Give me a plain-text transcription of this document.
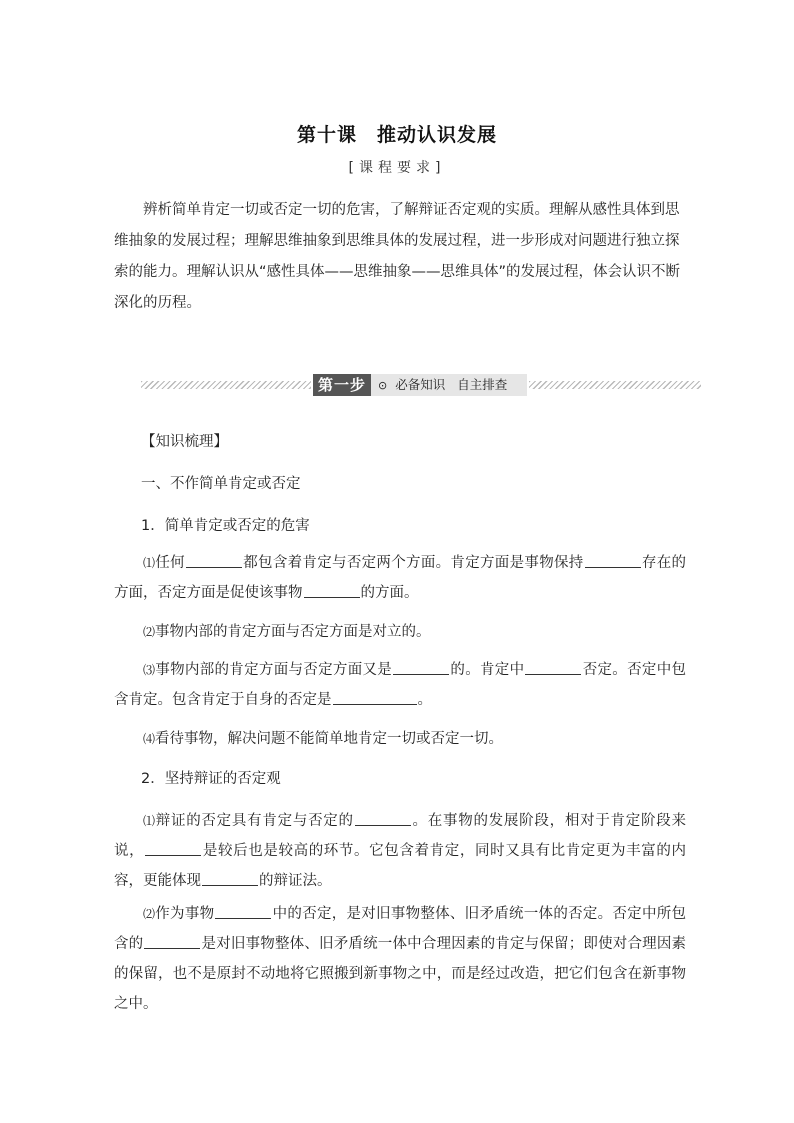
第十课 推动认识发展
[课程要求]
辨析简单肯定一切或否定一切的危害，了解辩证否定观的实质。理解从感性具体到思维抽象的发展过程；理解思维抽象到思维具体的发展过程，进一步形成对问题进行独立探索的能力。理解认识从“感性具体——思维抽象——思维具体”的发展过程，体会认识不断深化的历程。
第一步	⊙ 必备知识 自主排查
【知识梳理】
一、不作简单肯定或否定
1．简单肯定或否定的危害
⑴任何	都包含着肯定与否定两个方面。肯定方面是事物保持	存在的方面，否定方面是促使该事物	的方面。
⑵事物内部的肯定方面与否定方面是对立的。
⑶事物内部的肯定方面与否定方面又是	的。肯定中	否定。否定中包含肯定。包含肯定于自身的否定是	。
⑷看待事物，解决问题不能简单地肯定一切或否定一切。
2．坚持辩证的否定观
⑴辩证的否定具有肯定与否定的	。在事物的发展阶段，相对于肯定阶段来说，	是较后也是较高的环节。它包含着肯定，同时又具有比肯定更为丰富的内容，更能体现	的辩证法。
⑵作为事物	中的否定，是对旧事物整体、旧矛盾统一体的否定。否定中所包含的	是对旧事物整体、旧矛盾统一体中合理因素的肯定与保留；即使对合理因素的保留，也不是原封不动地将它照搬到新事物之中，而是经过改造，把它们包含在新事物之中。
